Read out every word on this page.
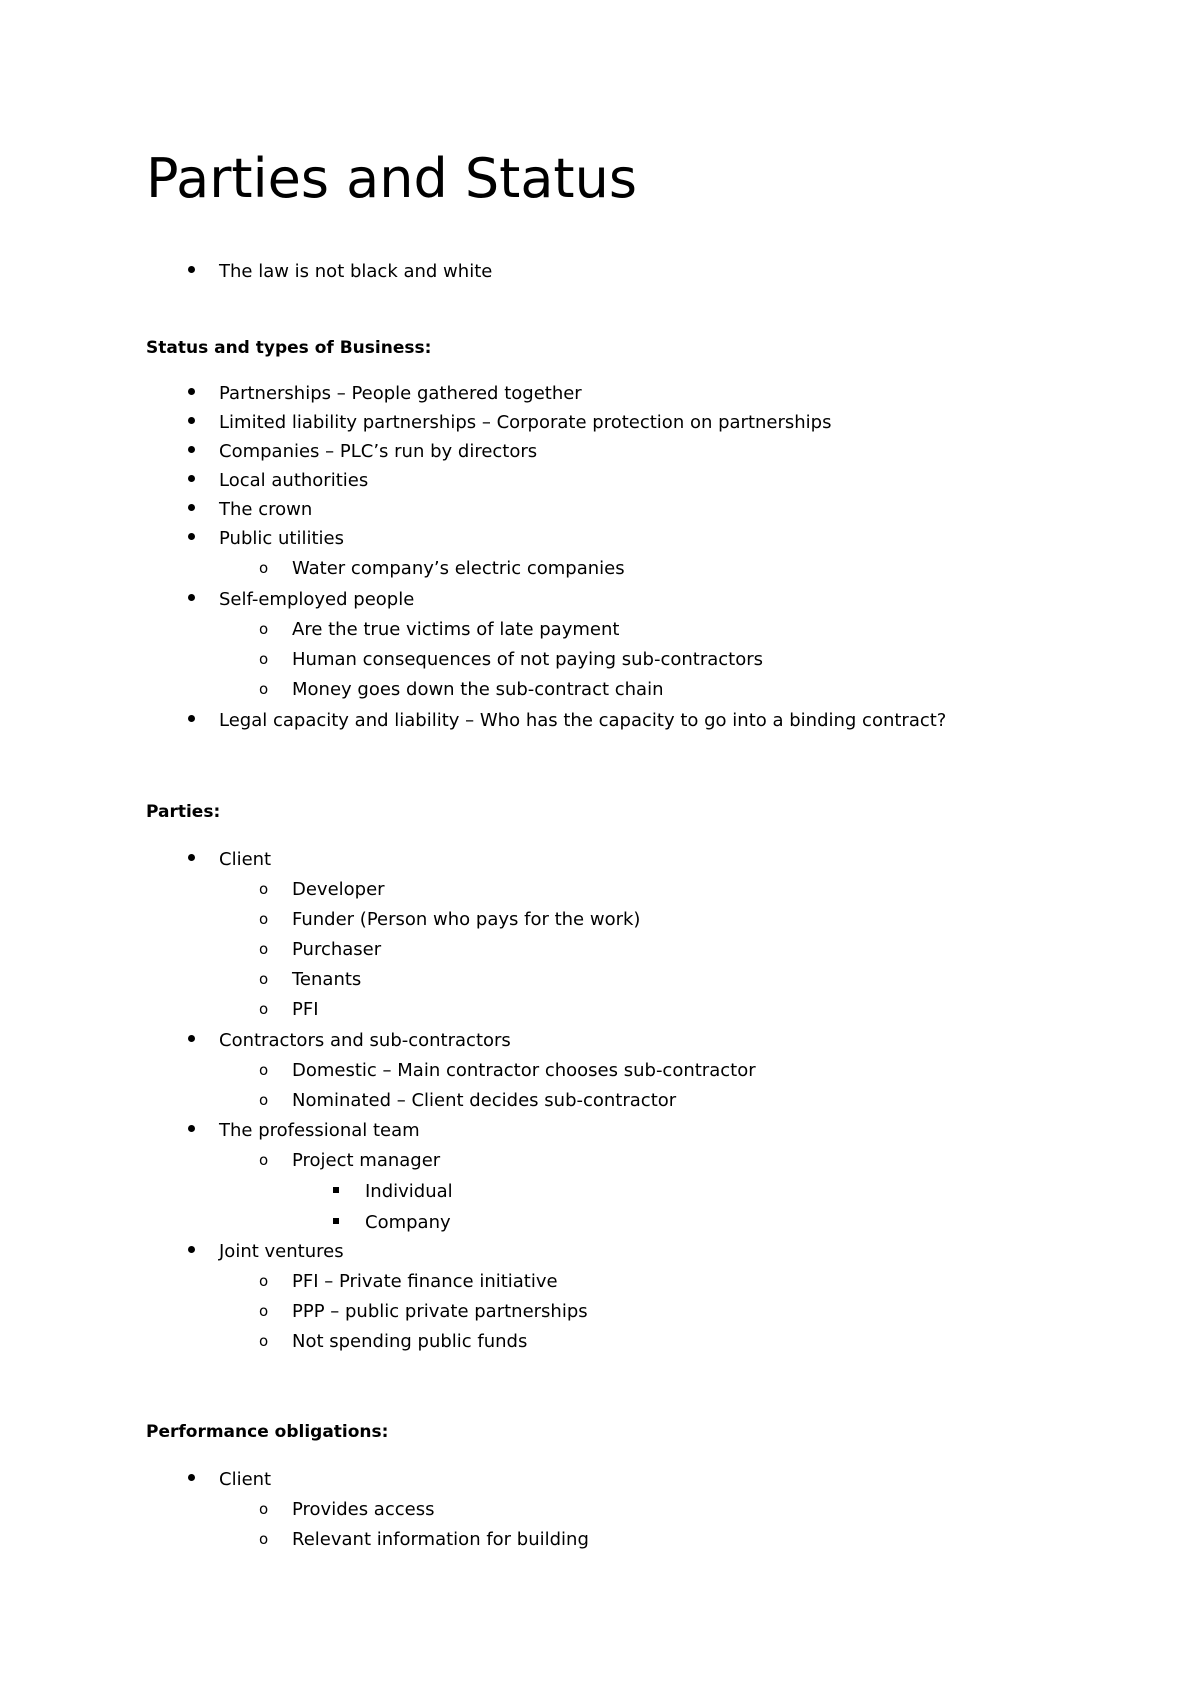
Parties and Status
The law is not black and white
Status and types of Business:
Partnerships – People gathered together
Limited liability partnerships – Corporate protection on partnerships
Companies – PLC’s run by directors
Local authorities
The crown
Public utilities
o Water company’s electric companies
Self-employed people
o Are the true victims of late payment
o Human consequences of not paying sub-contractors
o Money goes down the sub-contract chain
Legal capacity and liability – Who has the capacity to go into a binding contract?
Parties:
Client
o Developer
o Funder (Person who pays for the work)
o Purchaser
o Tenants
o PFI
Contractors and sub-contractors
o Domestic – Main contractor chooses sub-contractor
o Nominated – Client decides sub-contractor
The professional team
o Project manager
Individual
Company
Joint ventures
o PFI – Private finance initiative
o PPP – public private partnerships
o Not spending public funds
Performance obligations:
Client
o Provides access
o Relevant information for building
